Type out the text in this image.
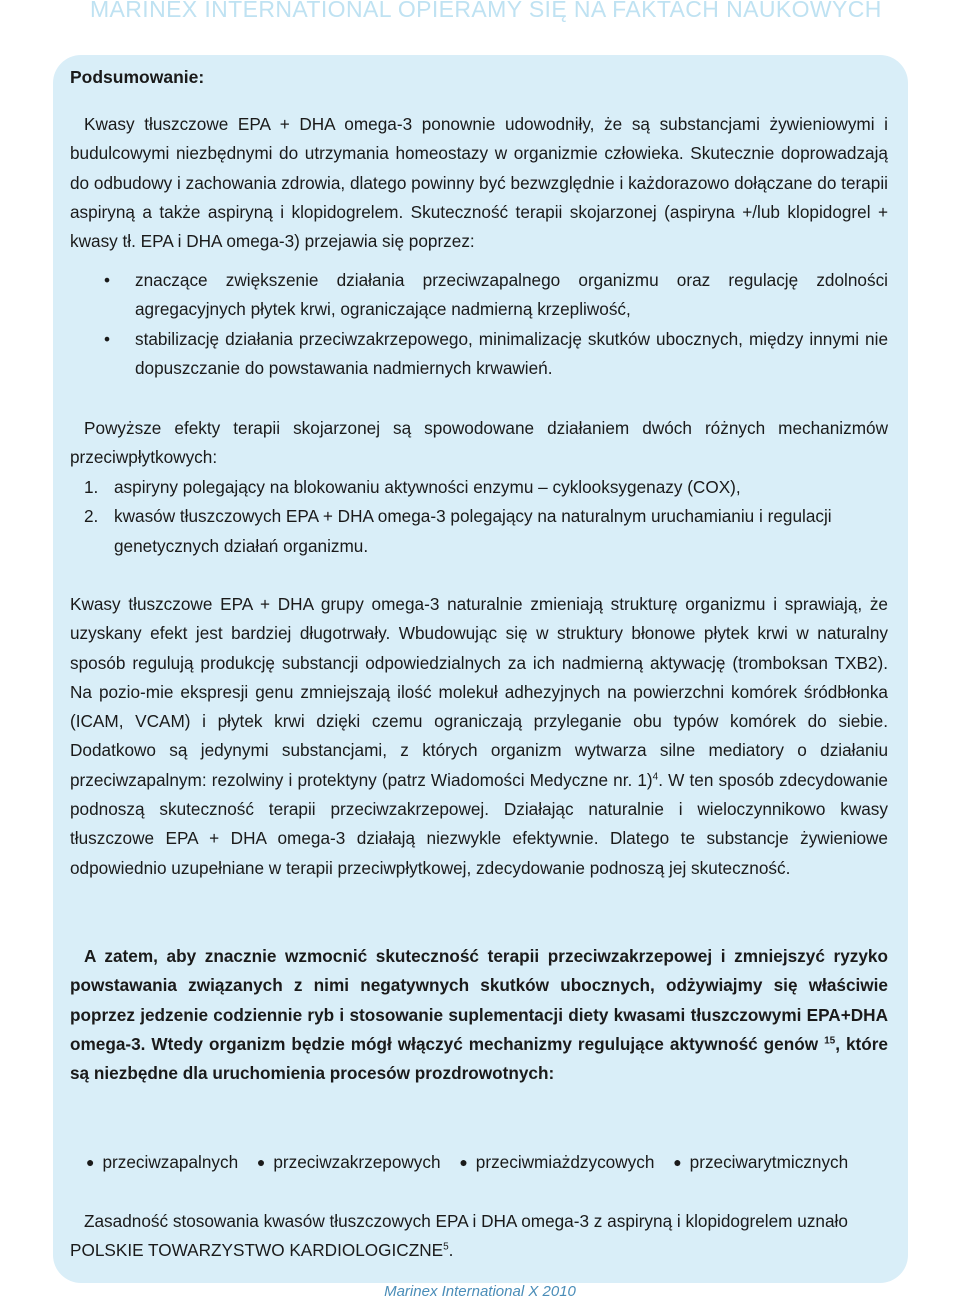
MARINEX INTERNATIONAL OPIERAMY SIĘ NA FAKTACH NAUKOWYCH
Podsumowanie:

Kwasy tłuszczowe EPA + DHA omega-3 ponownie udowodniły, że są substancjami żywieniowymi i budulcowymi niezbędnymi do utrzymania homeostazy w organizmie człowieka. Skutecznie doprowadzają do odbudowy i zachowania zdrowia, dlatego powinny być bezwzględnie i każdorazowo dołączane do terapii aspiryną a także aspiryną i klopidogrelem. Skuteczność terapii skojarzonej (aspiryna +/lub klopidogrel + kwasy tł. EPA i DHA omega-3) przejawia się poprzez:

• znaczące zwiększenie działania przeciwzapalnego organizmu oraz regulację zdolności agregacyjnych płytek krwi, ograniczające nadmierną krzepliwość,
• stabilizację działania przeciwzakrzepowego, minimalizację skutków ubocznych, między innymi nie dopuszczanie do powstawania nadmiernych krwawień.

Powyższe efekty terapii skojarzonej są spowodowane działaniem dwóch różnych mechanizmów przeciwpłytkowych:

1. aspiryny polegający na blokowaniu aktywności enzymu – cyklooksygenazy (COX),
2. kwasów tłuszczowych EPA + DHA omega-3 polegający na naturalnym uruchamianiu i regulacji genetycznych działań organizmu.

Kwasy tłuszczowe EPA + DHA grupy omega-3 naturalnie zmieniają strukturę organizmu i sprawiają, że uzyskany efekt jest bardziej długotrwały. Wbudowując się w struktury błonowe płytek krwi w naturalny sposób regulują produkcję substancji odpowiedzialnych za ich nadmierną aktywację (tromboksan TXB2). Na pozio-mie ekspresji genu zmniejszają ilość molekuł adhezyjnych na powierzchni komórek śródbłonka (ICAM, VCAM) i płytek krwi dzięki czemu ograniczają przyleganie obu typów komórek do siebie. Dodatkowo są jedynymi substancjami, z których organizm wytwarza silne mediatory o działaniu przeciwzapalnym: rezolwiny i protektyny (patrz Wiadomości Medyczne nr. 1)$^4$. W ten sposób zdecydowanie podnoszą skuteczność terapii przeciwzakrzepowej. Działając naturalnie i wieloczynnikowo kwasy tłuszczowe EPA + DHA omega-3 działają niezwykle efektywnie. Dlatego te substancje żywieniowe odpowiednio uzupełniane w terapii przeciwpłytkowej, zdecydowanie podnoszą jej skuteczność.

A zatem, aby znacznie wzmocnić skuteczność terapii przeciwzakrzepowej i zmniejszyć ryzyko powstawania związanych z nimi negatywnych skutków ubocznych, odżywiajmy się właściwie poprzez jedzenie codziennie ryb i stosowanie suplementacji diety kwasami tłuszczowymi EPA+DHA omega-3. Wtedy organizm będzie mógł włączyć mechanizmy regulujące aktywność genów $^{15}$, które są niezbędne dla uruchomienia procesów prozdrowotnych:

● przeciwzapalnych ● przeciwzakrzepowych ● przeciwmiażdzycowych ● przeciwarytmicznych

Zasadność stosowania kwasów tłuszczowych EPA i DHA omega-3 z aspiryną i klopidogrelem uznało POLSKIE TOWARZYSTWO KARDIOLOGICZNE$^5$.

Marinex International X 2010
